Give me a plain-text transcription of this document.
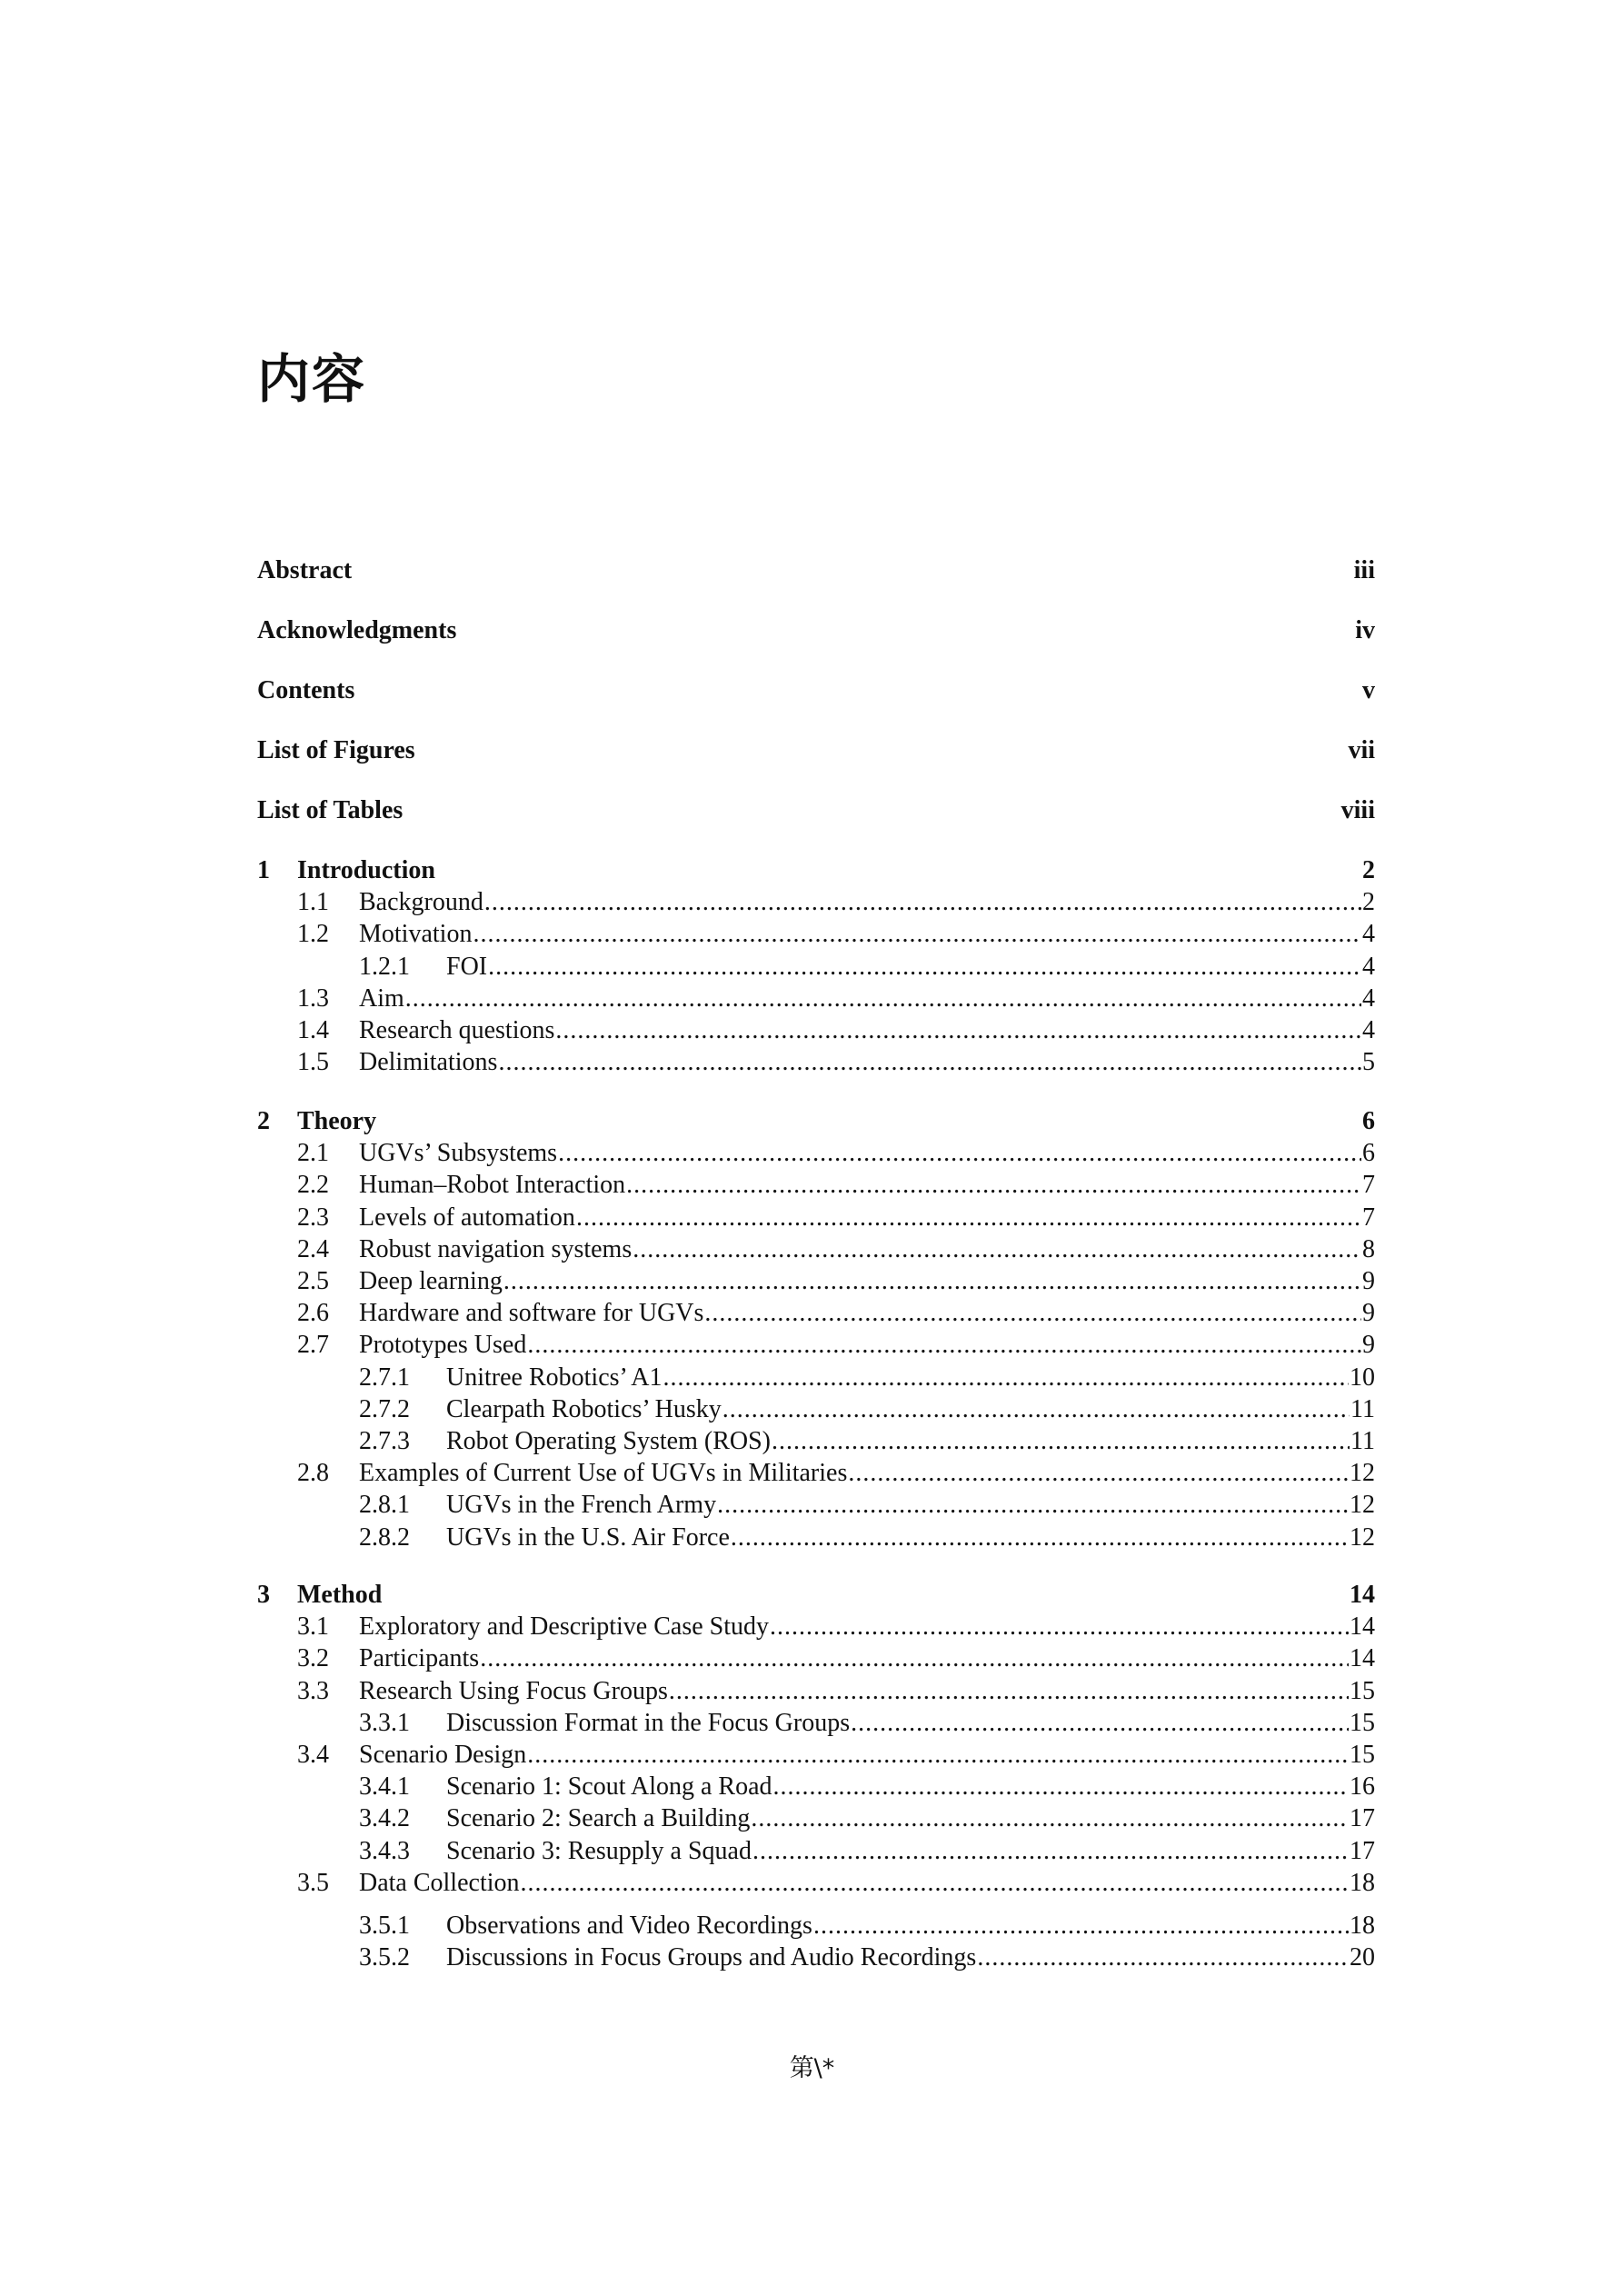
内容
Abstract	iii
Acknowledgments	iv
Contents	v
List of Figures	vii
List of Tables	viii
1	Introduction	2
1.1	Background .....	2
1.2	Motivation .....	4
1.2.1	FOI .....	4
1.3	Aim .....	4
1.4	Research questions .....	4
1.5	Delimitations .....	5
2	Theory	6
2.1	UGVs’ Subsystems .....	6
2.2	Human–Robot Interaction .....	7
2.3	Levels of automation .....	7
2.4	Robust navigation systems .....	8
2.5	Deep learning .....	9
2.6	Hardware and software for UGVs .....	9
2.7	Prototypes Used .....	9
2.7.1	Unitree Robotics’ A1 .....	10
2.7.2	Clearpath Robotics’ Husky .....	11
2.7.3	Robot Operating System (ROS) .....	11
2.8	Examples of Current Use of UGVs in Militaries .....	12
2.8.1	UGVs in the French Army .....	12
2.8.2	UGVs in the U.S. Air Force .....	12
3	Method	14
3.1	Exploratory and Descriptive Case Study .....	14
3.2	Participants .....	14
3.3	Research Using Focus Groups .....	15
3.3.1	Discussion Format in the Focus Groups .....	15
3.4	Scenario Design .....	15
3.4.1	Scenario 1: Scout Along a Road .....	16
3.4.2	Scenario 2: Search a Building .....	17
3.4.3	Scenario 3: Resupply a Squad .....	17
3.5	Data Collection .....	18
3.5.1	Observations and Video Recordings .....	18
3.5.2	Discussions in Focus Groups and Audio Recordings .....	20
第\*
